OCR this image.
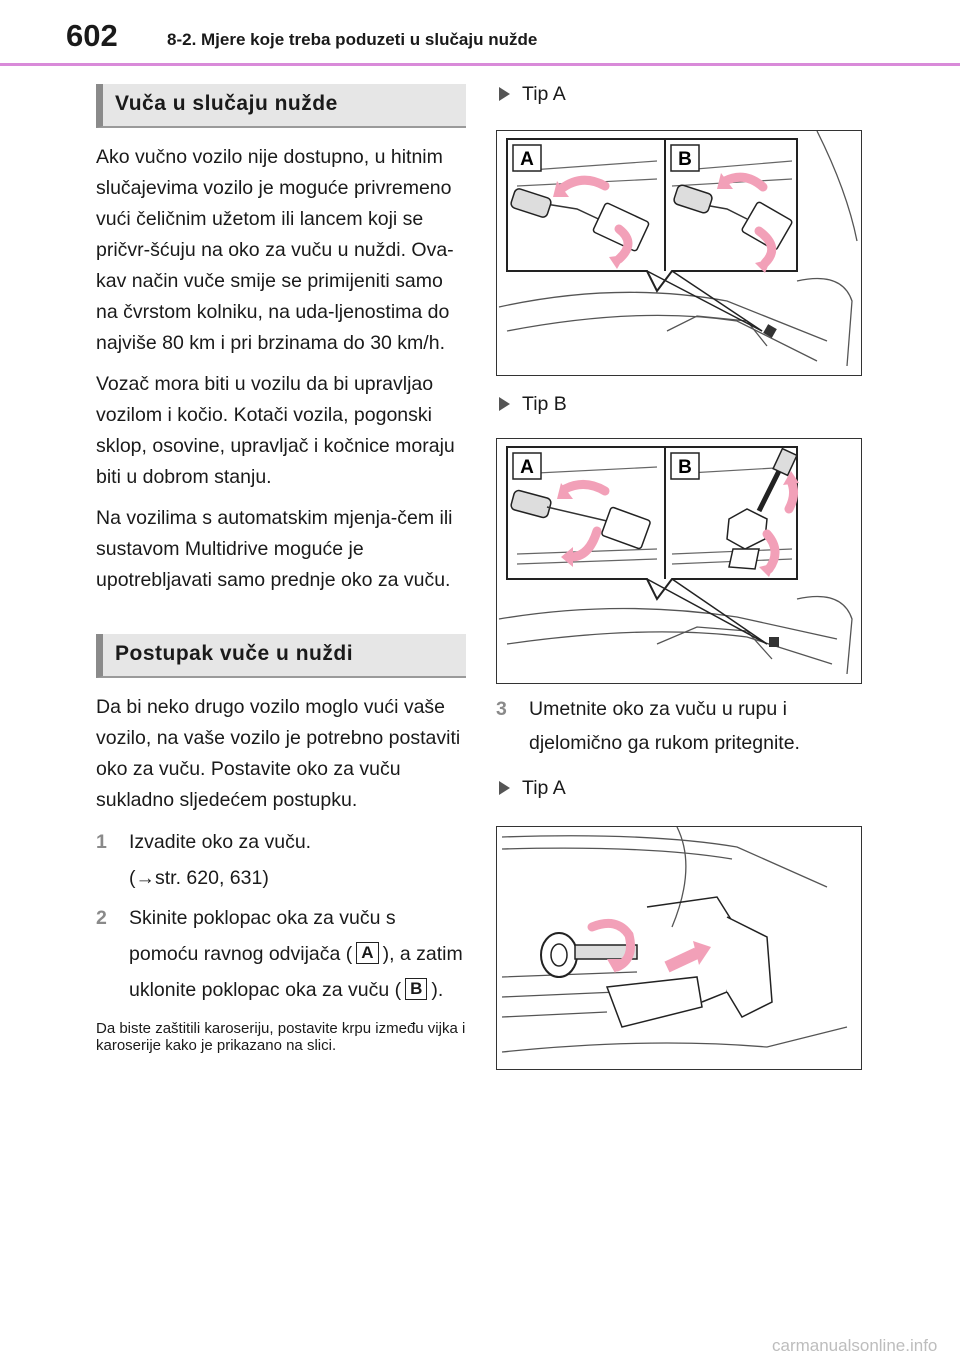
602	8-2. Mjere koje treba poduzeti u slučaju nužde
Vuča u slučaju nužde

Ako vučno vozilo nije dostupno, u hitnim slučajevima vozilo je moguće privremeno vući čeličnim užetom ili lancem koji se pričvr-šćuju na oko za vuču u nuždi. Ova-kav način vuče smije se primijeniti samo na čvrstom kolniku, na uda-ljenostima do najviše 80 km i pri brzinama do 30 km/h.

Vozač mora biti u vozilu da bi upravljao vozilom i kočio. Kotači vozila, pogonski sklop, osovine, upravljač i kočnice moraju biti u dobrom stanju.

Na vozilima s automatskim mjenja-čem ili sustavom Multidrive moguće je upotrebljavati samo prednje oko za vuču.

Postupak vuče u nuždi

Da bi neko drugo vozilo moglo vući vaše vozilo, na vaše vozilo je potrebno postaviti oko za vuču. Postavite oko za vuču sukladno sljedećem postupku.

1 Izvadite oko za vuču.
(→str. 620, 631)
2 Skinite poklopac oka za vuču s pomoću ravnog odvijača ( A ), a zatim uklonite poklopac oka za vuču ( B ).

Da biste zaštitili karoseriju, postavite krpu između vijka i karoserije kako je prikazano na slici.

Tip A
A	B
Tip B
A	B
3 Umetnite oko za vuču u rupu i djelomično ga rukom pritegnite.
Tip A
carmanualsonline.info
